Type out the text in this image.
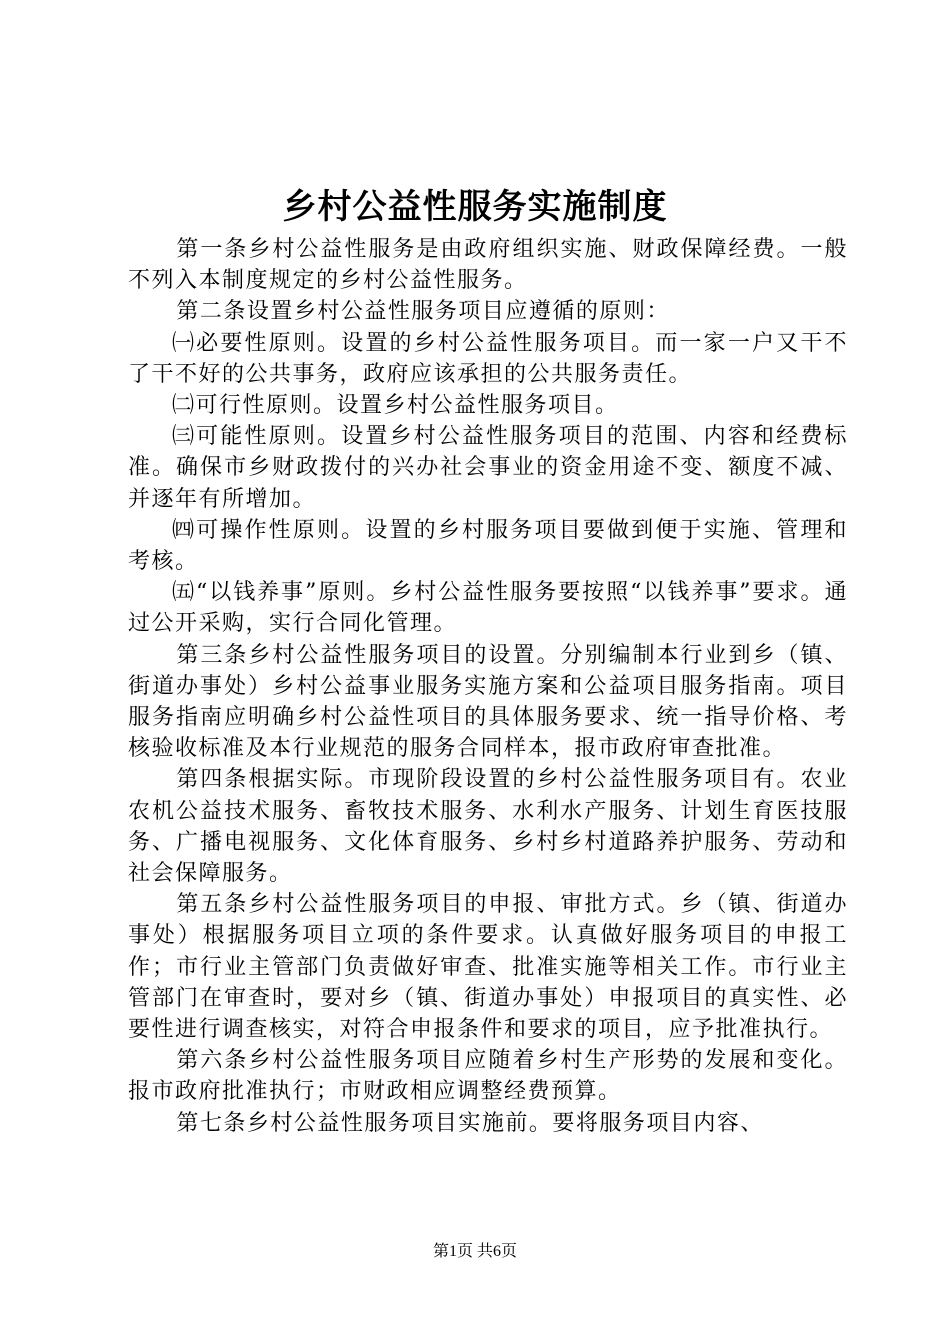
乡村公益性服务实施制度

第一条乡村公益性服务是由政府组织实施、财政保障经费。一般不列入本制度规定的乡村公益性服务。

第二条设置乡村公益性服务项目应遵循的原则：

㈠必要性原则。设置的乡村公益性服务项目。而一家一户又干不了干不好的公共事务，政府应该承担的公共服务责任。

㈡可行性原则。设置乡村公益性服务项目。

㈢可能性原则。设置乡村公益性服务项目的范围、内容和经费标准。确保市乡财政拨付的兴办社会事业的资金用途不变、额度不减、并逐年有所增加。

㈣可操作性原则。设置的乡村服务项目要做到便于实施、管理和考核。

㈤“以钱养事”原则。乡村公益性服务要按照“以钱养事”要求。通过公开采购，实行合同化管理。

第三条乡村公益性服务项目的设置。分别编制本行业到乡（镇、街道办事处）乡村公益事业服务实施方案和公益项目服务指南。项目服务指南应明确乡村公益性项目的具体服务要求、统一指导价格、考核验收标准及本行业规范的服务合同样本，报市政府审查批准。

第四条根据实际。市现阶段设置的乡村公益性服务项目有。农业农机公益技术服务、畜牧技术服务、水利水产服务、计划生育医技服务、广播电视服务、文化体育服务、乡村乡村道路养护服务、劳动和社会保障服务。

第五条乡村公益性服务项目的申报、审批方式。乡（镇、街道办事处）根据服务项目立项的条件要求。认真做好服务项目的申报工作；市行业主管部门负责做好审查、批准实施等相关工作。市行业主管部门在审查时，要对乡（镇、街道办事处）申报项目的真实性、必要性进行调查核实，对符合申报条件和要求的项目，应予批准执行。

第六条乡村公益性服务项目应随着乡村生产形势的发展和变化。报市政府批准执行；市财政相应调整经费预算。

第七条乡村公益性服务项目实施前。要将服务项目内容、

第1页 共6页
